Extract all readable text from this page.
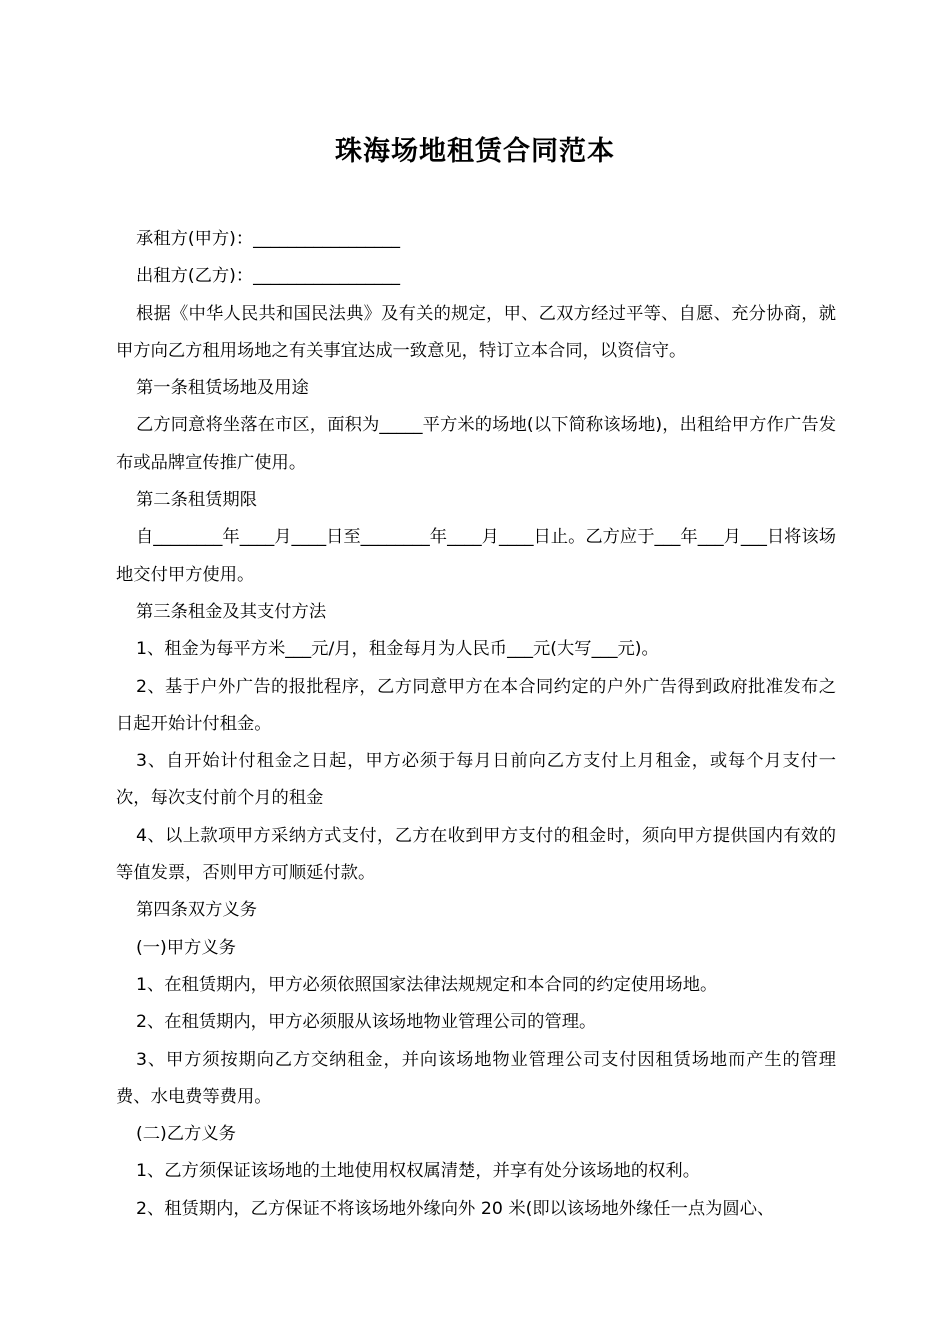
珠海场地租赁合同范本

承租方(甲方)：_________________

出租方(乙方)：_________________

根据《中华人民共和国民法典》及有关的规定，甲、乙双方经过平等、自愿、充分协商，就甲方向乙方租用场地之有关事宜达成一致意见，特订立本合同，以资信守。

第一条租赁场地及用途

乙方同意将坐落在市区，面积为_____平方米的场地(以下简称该场地)，出租给甲方作广告发布或品牌宣传推广使用。

第二条租赁期限

自________年____月____日至________年____月____日止。乙方应于___年___月___日将该场地交付甲方使用。

第三条租金及其支付方法

1、租金为每平方米___元/月，租金每月为人民币___元(大写___元)。

2、基于户外广告的报批程序，乙方同意甲方在本合同约定的户外广告得到政府批准发布之日起开始计付租金。

3、自开始计付租金之日起，甲方必须于每月日前向乙方支付上月租金，或每个月支付一次，每次支付前个月的租金

4、以上款项甲方采纳方式支付，乙方在收到甲方支付的租金时，须向甲方提供国内有效的等值发票，否则甲方可顺延付款。

第四条双方义务

(一)甲方义务

1、在租赁期内，甲方必须依照国家法律法规规定和本合同的约定使用场地。

2、在租赁期内，甲方必须服从该场地物业管理公司的管理。

3、甲方须按期向乙方交纳租金，并向该场地物业管理公司支付因租赁场地而产生的管理费、水电费等费用。

(二)乙方义务

1、乙方须保证该场地的土地使用权权属清楚，并享有处分该场地的权利。

2、租赁期内，乙方保证不将该场地外缘向外 20 米(即以该场地外缘任一点为圆心、
